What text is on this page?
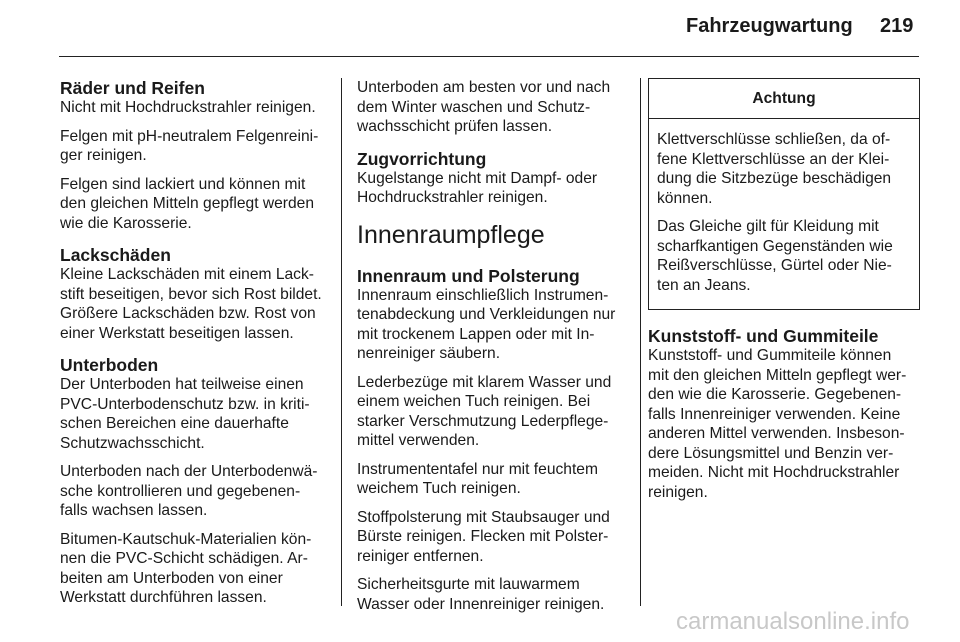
Fahrzeugwartung 219
Räder und Reifen

Nicht mit Hochdruckstrahler reinigen.

Felgen mit pH-neutralem Felgenreini-
ger reinigen.

Felgen sind lackiert und können mit
den gleichen Mitteln gepflegt werden
wie die Karosserie.

Lackschäden

Kleine Lackschäden mit einem Lack-
stift beseitigen, bevor sich Rost bildet.
Größere Lackschäden bzw. Rost von
einer Werkstatt beseitigen lassen.

Unterboden

Der Unterboden hat teilweise einen
PVC-Unterbodenschutz bzw. in kriti-
schen Bereichen eine dauerhafte
Schutzwachsschicht.

Unterboden nach der Unterbodenwä-
sche kontrollieren und gegebenen-
falls wachsen lassen.

Bitumen-Kautschuk-Materialien kön-
nen die PVC-Schicht schädigen. Ar-
beiten am Unterboden von einer
Werkstatt durchführen lassen.

Unterboden am besten vor und nach
dem Winter waschen und Schutz-
wachsschicht prüfen lassen.

Zugvorrichtung

Kugelstange nicht mit Dampf- oder
Hochdruckstrahler reinigen.

Innenraumpflege
Innenraum und Polsterung

Innenraum einschließlich Instrumen-
tenabdeckung und Verkleidungen nur
mit trockenem Lappen oder mit In-
nenreiniger säubern.

Lederbezüge mit klarem Wasser und
einem weichen Tuch reinigen. Bei
starker Verschmutzung Lederpflege-
mittel verwenden.

Instrumententafel nur mit feuchtem
weichem Tuch reinigen.

Stoffpolsterung mit Staubsauger und
Bürste reinigen. Flecken mit Polster-
reiniger entfernen.

Sicherheitsgurte mit lauwarmem
Wasser oder Innenreiniger reinigen.

Achtung

Klettverschlüsse schließen, da of-
fene Klettverschlüsse an der Klei-
dung die Sitzbezüge beschädigen
können.

Das Gleiche gilt für Kleidung mit
scharfkantigen Gegenständen wie
Reißverschlüsse, Gürtel oder Nie-
ten an Jeans.

Kunststoff- und Gummiteile

Kunststoff- und Gummiteile können
mit den gleichen Mitteln gepflegt wer-
den wie die Karosserie. Gegebenen-
falls Innenreiniger verwenden. Keine
anderen Mittel verwenden. Insbeson-
dere Lösungsmittel und Benzin ver-
meiden. Nicht mit Hochdruckstrahler
reinigen.

carmanualsonline.info
